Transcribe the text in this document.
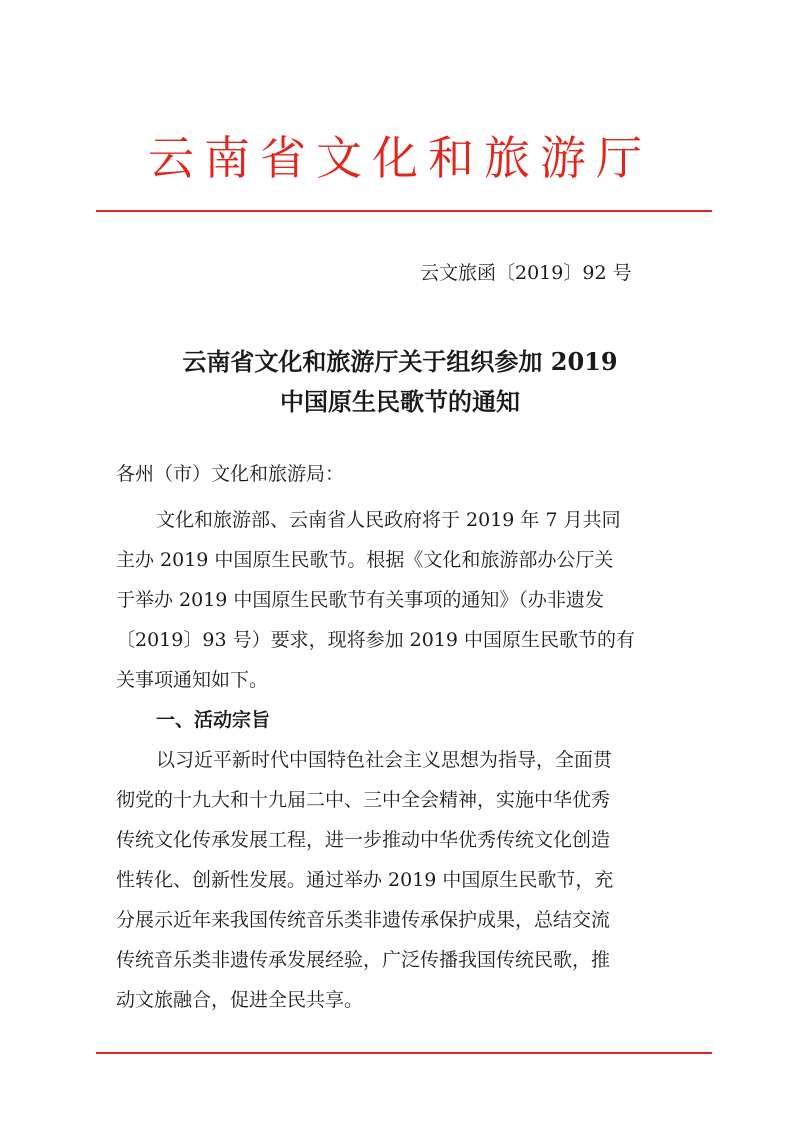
云南省文化和旅游厅
云文旅函〔2019〕92 号
云南省文化和旅游厅关于组织参加 2019
中国原生民歌节的通知
各州（市）文化和旅游局：
文化和旅游部、云南省人民政府将于 2019 年 7 月共同
主办 2019 中国原生民歌节。根据《文化和旅游部办公厅关
于举办 2019 中国原生民歌节有关事项的通知》（办非遗发
〔2019〕93 号）要求，现将参加 2019 中国原生民歌节的有
关事项通知如下。
一、活动宗旨
以习近平新时代中国特色社会主义思想为指导，全面贯
彻党的十九大和十九届二中、三中全会精神，实施中华优秀
传统文化传承发展工程，进一步推动中华优秀传统文化创造
性转化、创新性发展。通过举办 2019 中国原生民歌节，充
分展示近年来我国传统音乐类非遗传承保护成果，总结交流
传统音乐类非遗传承发展经验，广泛传播我国传统民歌，推
动文旅融合，促进全民共享。
